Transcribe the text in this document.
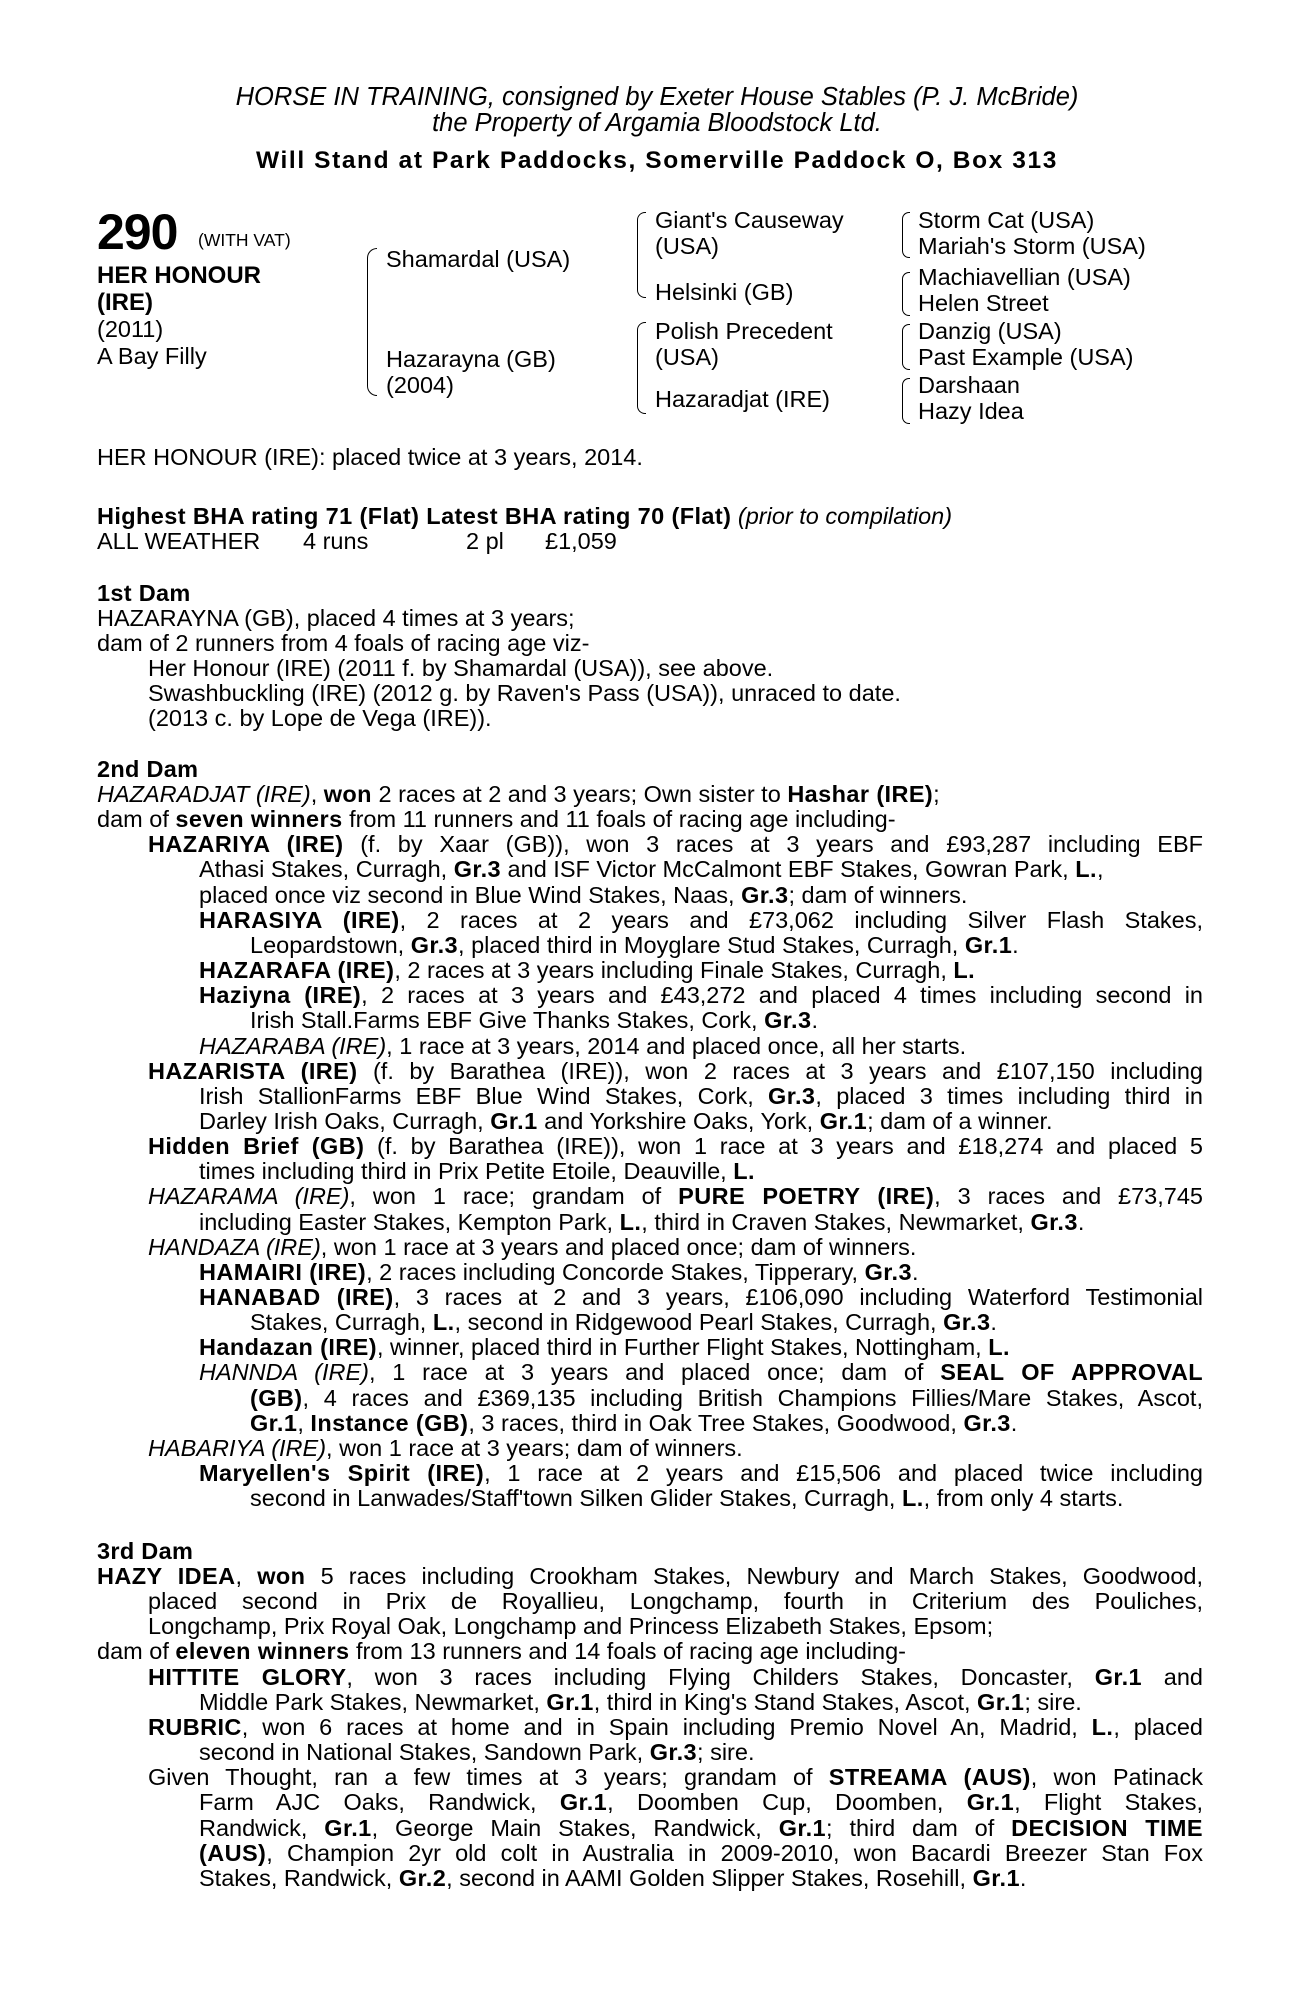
HORSE IN TRAINING, consigned by Exeter House Stables (P. J. McBride)
the Property of Argamia Bloodstock Ltd.
Will Stand at Park Paddocks, Somerville Paddock O, Box 313
290 (WITH VAT)
HER HONOUR
(IRE)
(2011)
A Bay Filly
Shamardal (USA)
Hazarayna (GB)
(2004)
Giant's Causeway
(USA)
Helsinki (GB)
Polish Precedent
(USA)
Hazaradjat (IRE)
Storm Cat (USA)
Mariah's Storm (USA)
Machiavellian (USA)
Helen Street
Danzig (USA)
Past Example (USA)
Darshaan
Hazy Idea
HER HONOUR (IRE): placed twice at 3 years, 2014.
Highest BHA rating 71 (Flat) Latest BHA rating 70 (Flat) (prior to compilation)
ALL WEATHER 4 runs	2 pl £1,059
1st Dam
HAZARAYNA (GB), placed 4 times at 3 years;
dam of 2 runners from 4 foals of racing age viz-
Her Honour (IRE) (2011 f. by Shamardal (USA)), see above.
Swashbuckling (IRE) (2012 g. by Raven's Pass (USA)), unraced to date.
(2013 c. by Lope de Vega (IRE)).
2nd Dam
HAZARADJAT (IRE), won 2 races at 2 and 3 years; Own sister to Hashar (IRE);
dam of seven winners from 11 runners and 11 foals of racing age including-
HAZARIYA (IRE) (f. by Xaar (GB)), won 3 races at 3 years and £93,287 including EBF
Athasi Stakes, Curragh, Gr.3 and ISF Victor McCalmont EBF Stakes, Gowran Park, L.,
placed once viz second in Blue Wind Stakes, Naas, Gr.3; dam of winners.
HARASIYA (IRE), 2 races at 2 years and £73,062 including Silver Flash Stakes,
Leopardstown, Gr.3, placed third in Moyglare Stud Stakes, Curragh, Gr.1.
HAZARAFA (IRE), 2 races at 3 years including Finale Stakes, Curragh, L.
Haziyna (IRE), 2 races at 3 years and £43,272 and placed 4 times including second in
Irish Stall.Farms EBF Give Thanks Stakes, Cork, Gr.3.
HAZARABA (IRE), 1 race at 3 years, 2014 and placed once, all her starts.
HAZARISTA (IRE) (f. by Barathea (IRE)), won 2 races at 3 years and £107,150 including
Irish StallionFarms EBF Blue Wind Stakes, Cork, Gr.3, placed 3 times including third in
Darley Irish Oaks, Curragh, Gr.1 and Yorkshire Oaks, York, Gr.1; dam of a winner.
Hidden Brief (GB) (f. by Barathea (IRE)), won 1 race at 3 years and £18,274 and placed 5
times including third in Prix Petite Etoile, Deauville, L.
HAZARAMA (IRE), won 1 race; grandam of PURE POETRY (IRE), 3 races and £73,745
including Easter Stakes, Kempton Park, L., third in Craven Stakes, Newmarket, Gr.3.
HANDAZA (IRE), won 1 race at 3 years and placed once; dam of winners.
HAMAIRI (IRE), 2 races including Concorde Stakes, Tipperary, Gr.3.
HANABAD (IRE), 3 races at 2 and 3 years, £106,090 including Waterford Testimonial
Stakes, Curragh, L., second in Ridgewood Pearl Stakes, Curragh, Gr.3.
Handazan (IRE), winner, placed third in Further Flight Stakes, Nottingham, L.
HANNDA (IRE), 1 race at 3 years and placed once; dam of SEAL OF APPROVAL
(GB), 4 races and £369,135 including British Champions Fillies/Mare Stakes, Ascot,
Gr.1, Instance (GB), 3 races, third in Oak Tree Stakes, Goodwood, Gr.3.
HABARIYA (IRE), won 1 race at 3 years; dam of winners.
Maryellen's Spirit (IRE), 1 race at 2 years and £15,506 and placed twice including
second in Lanwades/Staff'town Silken Glider Stakes, Curragh, L., from only 4 starts.
3rd Dam
HAZY IDEA, won 5 races including Crookham Stakes, Newbury and March Stakes, Goodwood,
placed second in Prix de Royallieu, Longchamp, fourth in Criterium des Pouliches,
Longchamp, Prix Royal Oak, Longchamp and Princess Elizabeth Stakes, Epsom;
dam of eleven winners from 13 runners and 14 foals of racing age including-
HITTITE GLORY, won 3 races including Flying Childers Stakes, Doncaster, Gr.1 and
Middle Park Stakes, Newmarket, Gr.1, third in King's Stand Stakes, Ascot, Gr.1; sire.
RUBRIC, won 6 races at home and in Spain including Premio Novel An, Madrid, L., placed
second in National Stakes, Sandown Park, Gr.3; sire.
Given Thought, ran a few times at 3 years; grandam of STREAMA (AUS), won Patinack
Farm AJC Oaks, Randwick, Gr.1, Doomben Cup, Doomben, Gr.1, Flight Stakes,
Randwick, Gr.1, George Main Stakes, Randwick, Gr.1; third dam of DECISION TIME
(AUS), Champion 2yr old colt in Australia in 2009-2010, won Bacardi Breezer Stan Fox
Stakes, Randwick, Gr.2, second in AAMI Golden Slipper Stakes, Rosehill, Gr.1.
